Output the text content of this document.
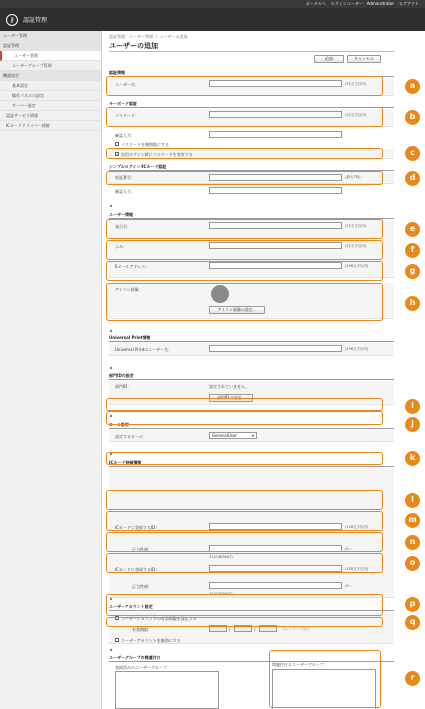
ポータルへ ログインユーザー：Administrator ログアウト
⚷	認証管理
ユーザー管理
認証管理
ユーザー管理
ユーザーグループ管理
機器設定
基本設定
操作パネルの設定
サーバー設定
認証サービス情報
ICカードドライバー情報
認証管理：ユーザー管理 ＞ ユーザーの追加
ユーザーの追加
追加	キャンセル
認証情報
ユーザー名：	(32文字以内)
キーボード認証
パスワード：	(32文字以内)
確認入力：
パスワードを無期限にする
✓ 次回ログイン時にパスワードを変更する
シンプルログイン/ICカード認証
暗証番号：	(最大7桁)
確認入力：
⌅
ユーザー情報
表示名：	(32文字以内)
よみ：	(32文字以内)
Eメールアドレス：	(256文字以内)
アイコン画像：
アイコン画像の設定...
⌅
Universal Print情報
Universal Printのユーザー名：	(256文字以内)
⌅
部門IDの設定
部門ID：	設定されていません。
部門IDの設定...
⌅
ロール設定
設定するロール：	GeneralUser	▾
⌅
ICカード登録情報
ICカードに登録するID：	(128文字以内)
正当性値：	(0～
2147483647)
ICカードに登録するID：	(128文字以内)
正当性値：	(0～
2147483647)
⌅
ユーザーアカウント設定
ユーザーアカウントの有効期限を設定する
有効期限：	/	/	カレンダーで指定
ユーザーアカウントを無効にする
⌅
ユーザーグループの関連付け
登録済みのユーザーグループ：
関連付けるユーザーグループ：
a
b
c
d
e
f
g
h
i
j
k
l
m
n
o
p
q
r
